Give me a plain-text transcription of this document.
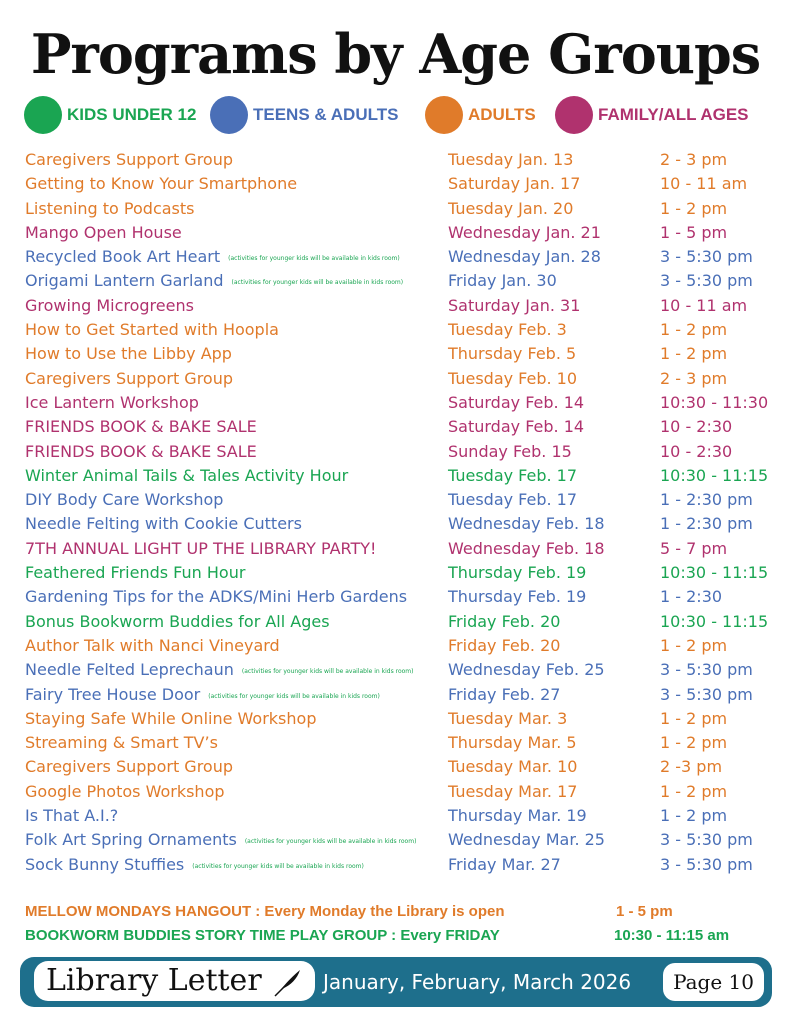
Programs by Age Groups
KIDS UNDER 12	TEENS & ADULTS	ADULTS	FAMILY/ALL AGES
Caregivers Support Group	Tuesday Jan. 13	2 - 3 pm
Getting to Know Your Smartphone	Saturday Jan. 17	10 - 11 am
Listening to Podcasts	Tuesday Jan. 20	1 - 2 pm
Mango Open House	Wednesday Jan. 21	1 - 5 pm
Recycled Book Art Heart (activities for younger kids will be available in kids room)	Wednesday Jan. 28	3 - 5:30 pm
Origami Lantern Garland (activities for younger kids will be available in kids room)	Friday Jan. 30	3 - 5:30 pm
Growing Microgreens	Saturday Jan. 31	10 - 11 am
How to Get Started with Hoopla	Tuesday Feb. 3	1 - 2 pm
How to Use the Libby App	Thursday Feb. 5	1 - 2 pm
Caregivers Support Group	Tuesday Feb. 10	2 - 3 pm
Ice Lantern Workshop	Saturday Feb. 14	10:30 - 11:30
FRIENDS BOOK & BAKE SALE	Saturday Feb. 14	10 - 2:30
FRIENDS BOOK & BAKE SALE	Sunday Feb. 15	10 - 2:30
Winter Animal Tails & Tales Activity Hour	Tuesday Feb. 17	10:30 - 11:15
DIY Body Care Workshop	Tuesday Feb. 17	1 - 2:30 pm
Needle Felting with Cookie Cutters	Wednesday Feb. 18	1 - 2:30 pm
7TH ANNUAL LIGHT UP THE LIBRARY PARTY!	Wednesday Feb. 18	5 - 7 pm
Feathered Friends Fun Hour	Thursday Feb. 19	10:30 - 11:15
Gardening Tips for the ADKS/Mini Herb Gardens	Thursday Feb. 19	1 - 2:30
Bonus Bookworm Buddies for All Ages	Friday Feb. 20	10:30 - 11:15
Author Talk with Nanci Vineyard	Friday Feb. 20	1 - 2 pm
Needle Felted Leprechaun (activities for younger kids will be available in kids room) Wednesday Feb. 25	3 - 5:30 pm
Fairy Tree House Door (activities for younger kids will be available in kids room)	Friday Feb. 27	3 - 5:30 pm
Staying Safe While Online Workshop	Tuesday Mar. 3	1 - 2 pm
Streaming & Smart TV’s	Thursday Mar. 5	1 - 2 pm
Caregivers Support Group	Tuesday Mar. 10	2 -3 pm
Google Photos Workshop	Tuesday Mar. 17	1 - 2 pm
Is That A.I.?	Thursday Mar. 19	1 - 2 pm
Folk Art Spring Ornaments (activities for younger kids will be available in kids room) Wednesday Mar. 25	3 - 5:30 pm
Sock Bunny Stuffies (activities for younger kids will be available in kids room)	Friday Mar. 27	3 - 5:30 pm
MELLOW MONDAYS HANGOUT : Every Monday the Library is open	1 - 5 pm
BOOKWORM BUDDIES STORY TIME PLAY GROUP : Every FRIDAY	10:30 - 11:15 am
Library Letter	January, February, March 2026	Page 10
